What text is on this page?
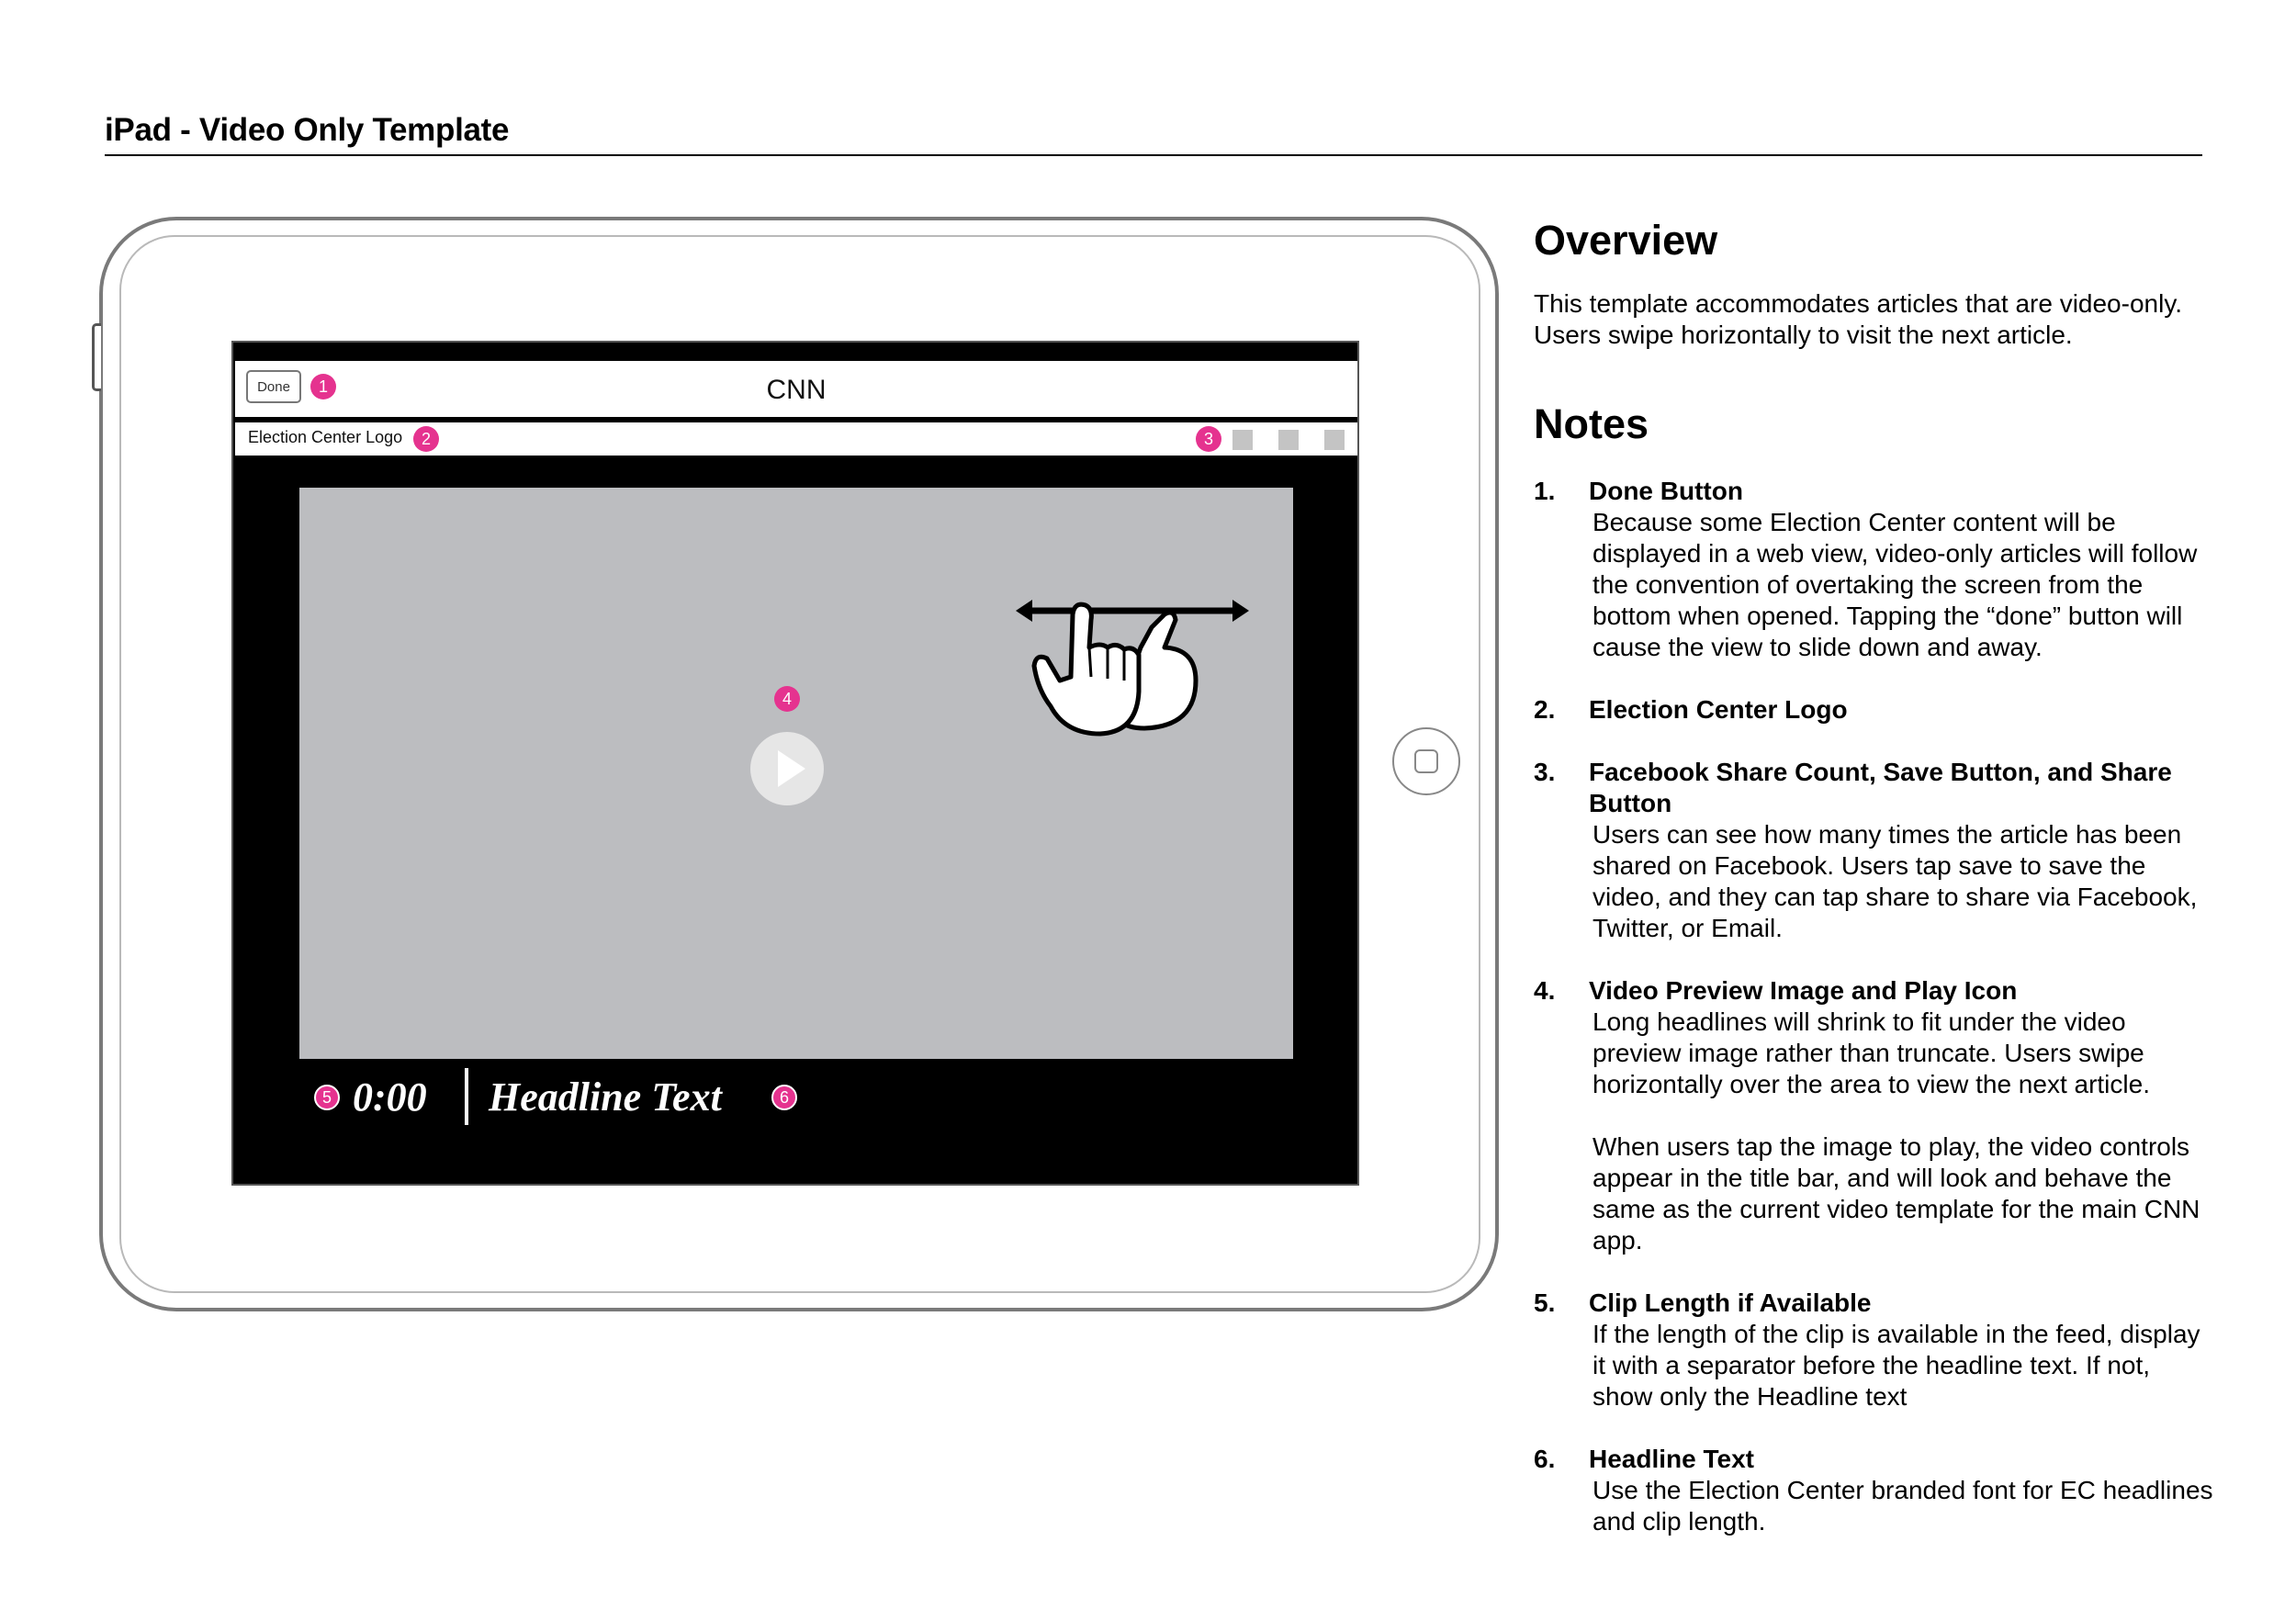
iPad - Video Only Template
CNN
Done	1
Election Center Logo	2	3
4
5 0:00 Headline Text	6
Overview
This template accommodates articles that are video-only. Users swipe horizontally to visit the next article.
Notes
1. Done Button
Because some Election Center content will be displayed in a web view, video-only articles will follow the convention of overtaking the screen from the bottom when opened. Tapping the “done” button will cause the view to slide down and away.
2. Election Center Logo
3. Facebook Share Count, Save Button, and Share Button
Users can see how many times the article has been shared on Facebook. Users tap save to save the video, and they can tap share to share via Facebook, Twitter, or Email.
4. Video Preview Image and Play Icon
Long headlines will shrink to fit under the video preview image rather than truncate. Users swipe horizontally over the area to view the next article.
When users tap the image to play, the video controls appear in the title bar, and will look and behave the same as the current video template for the main CNN app.
5. Clip Length if Available
If the length of the clip is available in the feed, display it with a separator before the headline text. If not, show only the Headline text
6. Headline Text
Use the Election Center branded font for EC headlines and clip length.
